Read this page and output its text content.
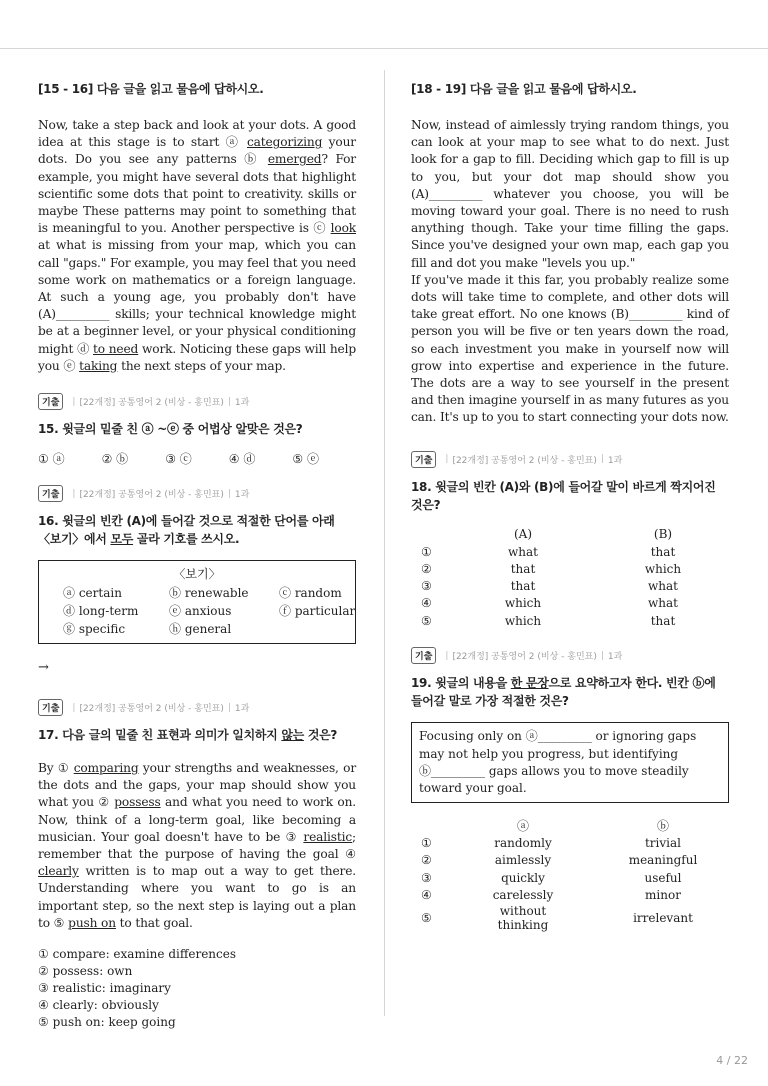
[15 - 16] 다음 글을 읽고 물음에 답하시오.

Now, take a step back and look at your dots. A good idea at this stage is to start ⓐ categorizing your dots. Do you see any patterns ⓑ emerged? For example, you might have several dots that highlight scientific some dots that point to creativity. skills or maybe These patterns may point to something that is meaningful to you. Another perspective is ⓒ look at what is missing from your map, which you can call "gaps." For example, you may feel that you need some work on mathematics or a foreign language. At such a young age, you probably don't have (A)_________ skills; your technical knowledge might be at a beginner level, or your physical conditioning might ⓓ to need work. Noticing these gaps will help you ⓔ taking the next steps of your map.

기출	| [22개정] 공통영어 2 (비상 - 홍민표) | 1과
15. 윗글의 밑줄 친 ⓐ ~ⓔ 중 어법상 알맞은 것은?
① ⓐ	② ⓑ	③ ⓒ	④ ⓓ	⑤ ⓔ
기출	| [22개정] 공통영어 2 (비상 - 홍민표) | 1과
16. 윗글의 빈칸 (A)에 들어갈 것으로 적절한 단어를 아래 〈보기〉에서 모두 골라 기호를 쓰시오.
〈보기〉
ⓐ certain	ⓑ renewable	ⓒ random
ⓓ long-term	ⓔ anxious	ⓕ particular
ⓖ specific	ⓗ general
→
기출	| [22개정] 공통영어 2 (비상 - 홍민표) | 1과
17. 다음 글의 밑줄 친 표현과 의미가 일치하지 않는 것은?

By ① comparing your strengths and weaknesses, or the dots and the gaps, your map should show you what you ② possess and what you need to work on. Now, think of a long-term goal, like becoming a musician. Your goal doesn't have to be ③ realistic; remember that the purpose of having the goal ④ clearly written is to map out a way to get there. Understanding where you want to go is an important step, so the next step is laying out a plan to ⑤ push on to that goal.

① compare: examine differences
② possess: own
③ realistic: imaginary
④ clearly: obviously
⑤ push on: keep going
[18 - 19] 다음 글을 읽고 물음에 답하시오.

Now, instead of aimlessly trying random things, you can look at your map to see what to do next. Just look for a gap to fill. Deciding which gap to fill is up to you, but your dot map should show you (A)_________ whatever you choose, you will be moving toward your goal. There is no need to rush anything though. Take your time filling the gaps. Since you've designed your own map, each gap you fill and dot you make "levels you up."

If you've made it this far, you probably realize some dots will take time to complete, and other dots will take great effort. No one knows (B)_________ kind of person you will be five or ten years down the road, so each investment you make in yourself now will grow into expertise and experience in the future. The dots are a way to see yourself in the present and then imagine yourself in as many futures as you can. It's up to you to start connecting your dots now.

기출	| [22개정] 공통영어 2 (비상 - 홍민표) | 1과
18. 윗글의 빈칸 (A)와 (B)에 들어갈 말이 바르게 짝지어진 것은?
	(A)		(B)
①	what		that
②	that		which
③	that		what
④	which		what
⑤	which		that
기출	| [22개정] 공통영어 2 (비상 - 홍민표) | 1과
19. 윗글의 내용을 한 문장으로 요약하고자 한다. 빈칸 ⓑ에 들어갈 말로 가장 적절한 것은?
Focusing only on ⓐ_________ or ignoring gaps may not help you progress, but identifying ⓑ_________ gaps allows you to move steadily toward your goal.
	ⓐ		ⓑ
①	randomly		trivial
②	aimlessly		meaningful
③	quickly		useful
④	carelessly		minor
⑤	without thinking		irrelevant
4 / 22
